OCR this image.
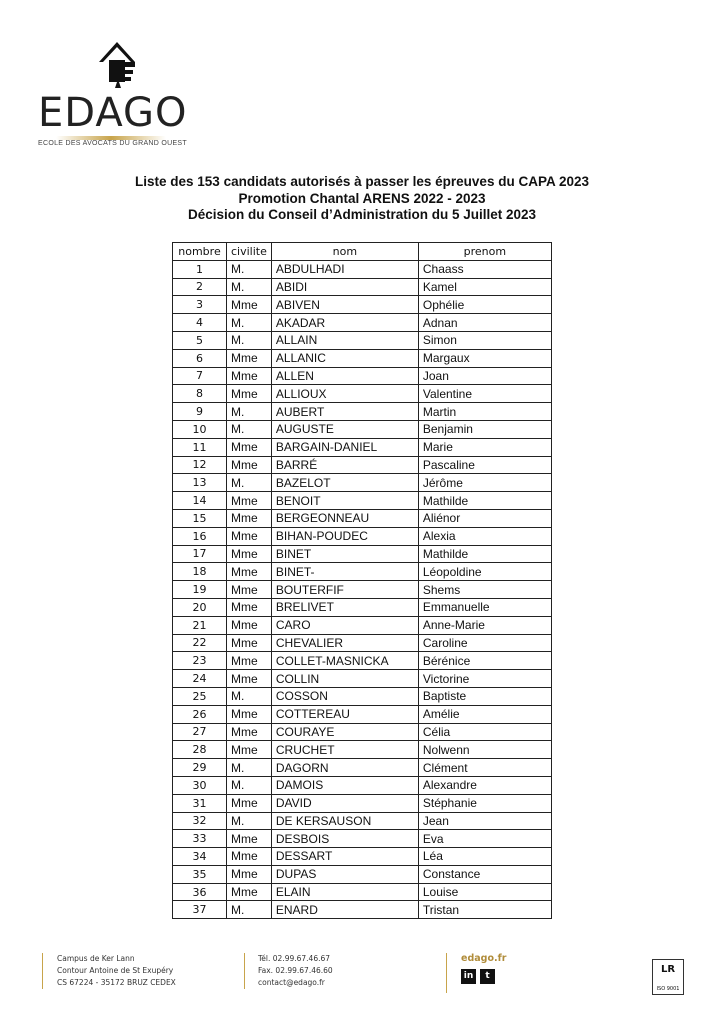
EDAGO
ECOLE DES AVOCATS DU GRAND OUEST
Liste des 153 candidats autorisés à passer les épreuves du CAPA 2023
Promotion Chantal ARENS 2022 - 2023
Décision du Conseil d’Administration du 5 Juillet 2023
nombre	civilite	nom	prenom
1	M.	ABDULHADI	Chaass
2	M.	ABIDI	Kamel
3	Mme	ABIVEN	Ophélie
4	M.	AKADAR	Adnan
5	M.	ALLAIN	Simon
6	Mme	ALLANIC	Margaux
7	Mme	ALLEN	Joan
8	Mme	ALLIOUX	Valentine
9	M.	AUBERT	Martin
10	M.	AUGUSTE	Benjamin
11	Mme	BARGAIN-DANIEL	Marie
12	Mme	BARRÉ	Pascaline
13	M.	BAZELOT	Jérôme
14	Mme	BENOIT	Mathilde
15	Mme	BERGEONNEAU	Aliénor
16	Mme	BIHAN-POUDEC	Alexia
17	Mme	BINET	Mathilde
18	Mme	BINET-	Léopoldine
19	Mme	BOUTERFIF	Shems
20	Mme	BRELIVET	Emmanuelle
21	Mme	CARO	Anne-Marie
22	Mme	CHEVALIER	Caroline
23	Mme	COLLET-MASNICKA	Bérénice
24	Mme	COLLIN	Victorine
25	M.	COSSON	Baptiste
26	Mme	COTTEREAU	Amélie
27	Mme	COURAYE	Célia
28	Mme	CRUCHET	Nolwenn
29	M.	DAGORN	Clément
30	M.	DAMOIS	Alexandre
31	Mme	DAVID	Stéphanie
32	M.	DE KERSAUSON	Jean
33	Mme	DESBOIS	Eva
34	Mme	DESSART	Léa
35	Mme	DUPAS	Constance
36	Mme	ELAIN	Louise
37	M.	ENARD	Tristan
Campus de Ker Lann
Contour Antoine de St Exupéry
CS 67224 - 35172 BRUZ CEDEX
Tél. 02.99.67.46.67
Fax. 02.99.67.46.60
contact@edago.fr
edago.fr
in	t
LR
ISO 9001
